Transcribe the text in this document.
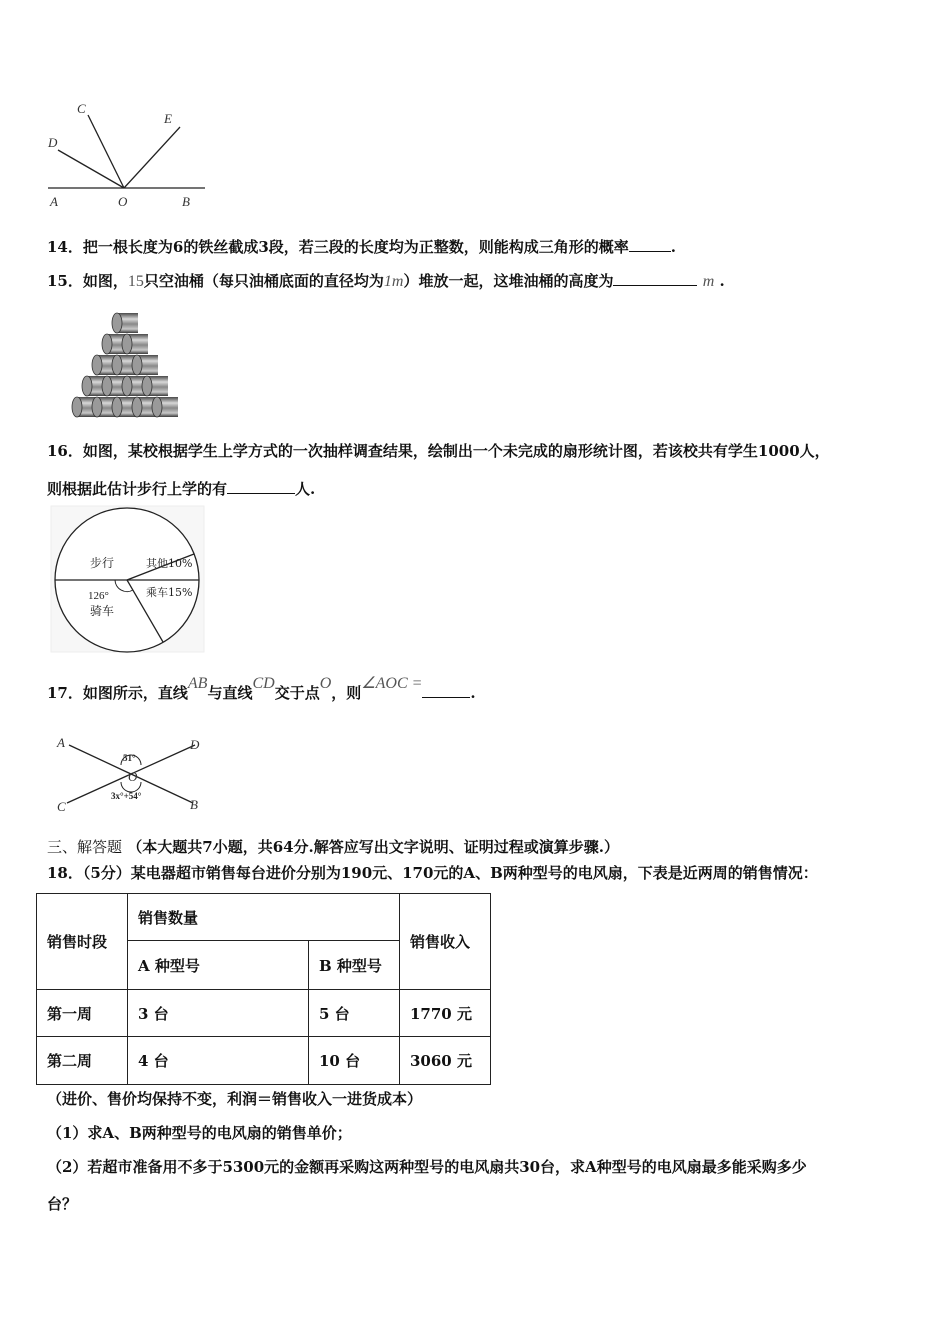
C
D
E
A	O	B
14．把一根长度为6的铁丝截成3段，若三段的长度均为正整数，则能构成三角形的概率	.
15．如图，15只空油桶（每只油桶底面的直径均为1m）堆放一起，这堆油桶的高度为	m .
16．如图，某校根据学生上学方式的一次抽样调查结果，绘制出一个未完成的扇形统计图，若该校共有学生1000人，
则根据此估计步行上学的有	人.
步行	其他10%
乘车15%
126°
骑车
17．如图所示，直线AB与直线CD交于点O，则∠AOC =.
A	D
C	B
O
51°
3x°+54°
三、解答题 （本大题共7小题，共64分.解答应写出文字说明、证明过程或演算步骤.）
18．（5分）某电器超市销售每台进价分别为190元、170元的A、B两种型号的电风扇，下表是近两周的销售情况：
销售时段	销售数量		销售收入
	A 种型号	B 种型号	
第一周	3 台	5 台	1770 元
第二周	4 台	10 台	3060 元
（进价、售价均保持不变，利润＝销售收入一进货成本）
（1）求A、B两种型号的电风扇的销售单价；
（2）若超市准备用不多于5300元的金额再采购这两种型号的电风扇共30台，求A种型号的电风扇最多能采购多少
台？
